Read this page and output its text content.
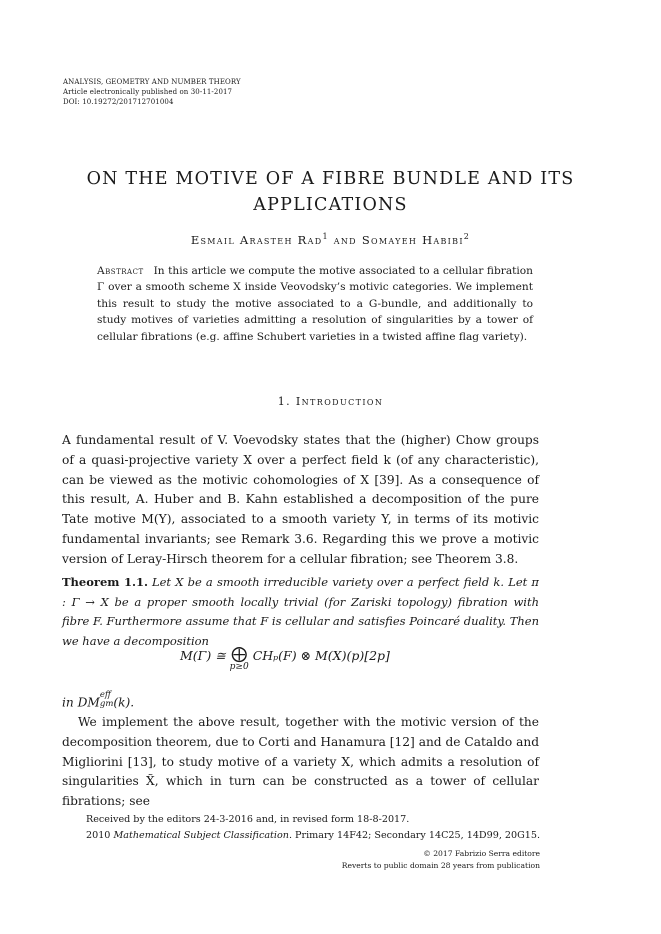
ANALYSIS, GEOMETRY AND NUMBER THEORY
Article electronically published on 30-11-2017
DOI: 10.19272/201712701004
ON THE MOTIVE OF A FIBRE BUNDLE AND ITS APPLICATIONS
Esmail Arasteh Rad$^1$ and Somayeh Habibi$^2$
Abstract In this article we compute the motive associated to a cellular fibration Γ over a smooth scheme X inside Veovodsky’s motivic categories. We implement this result to study the motive associated to a G-bundle, and additionally to study motives of varieties admitting a resolution of singularities by a tower of cellular fibrations (e.g. affine Schubert varieties in a twisted affine flag variety).
1. Introduction
A fundamental result of V. Voevodsky states that the (higher) Chow groups of a quasi-projective variety X over a perfect field k (of any characteristic), can be viewed as the motivic cohomologies of X [39]. As a consequence of this result, A. Huber and B. Kahn established a decomposition of the pure Tate motive M(Y), associated to a smooth variety Y, in terms of its motivic fundamental invariants; see Remark 3.6. Regarding this we prove a motivic version of Leray-Hirsch theorem for a cellular fibration; see Theorem 3.8.
Theorem 1.1. Let X be a smooth irreducible variety over a perfect field k. Let π : Γ → X be a proper smooth locally trivial (for Zariski topology) fibration with fibre F. Furthermore assume that F is cellular and satisfies Poincaré duality. Then we have a decomposition
M(Γ) ≅ ⨁
p≥0
CHₚ(F) ⊗ M(X)(p)[2p]
in DM
eff
gm (k).
We implement the above result, together with the motivic version of the decomposition theorem, due to Corti and Hanamura [12] and de Cataldo and Migliorini [13], to study motive of a variety X, which admits a resolution of singularities X̃, which in turn can be constructed as a tower of cellular fibrations; see
Received by the editors 24-3-2016 and, in revised form 18-8-2017.
2010 Mathematical Subject Classification. Primary 14F42; Secondary 14C25, 14D99, 20G15.
© 2017 Fabrizio Serra editore
Reverts to public domain 28 years from publication
